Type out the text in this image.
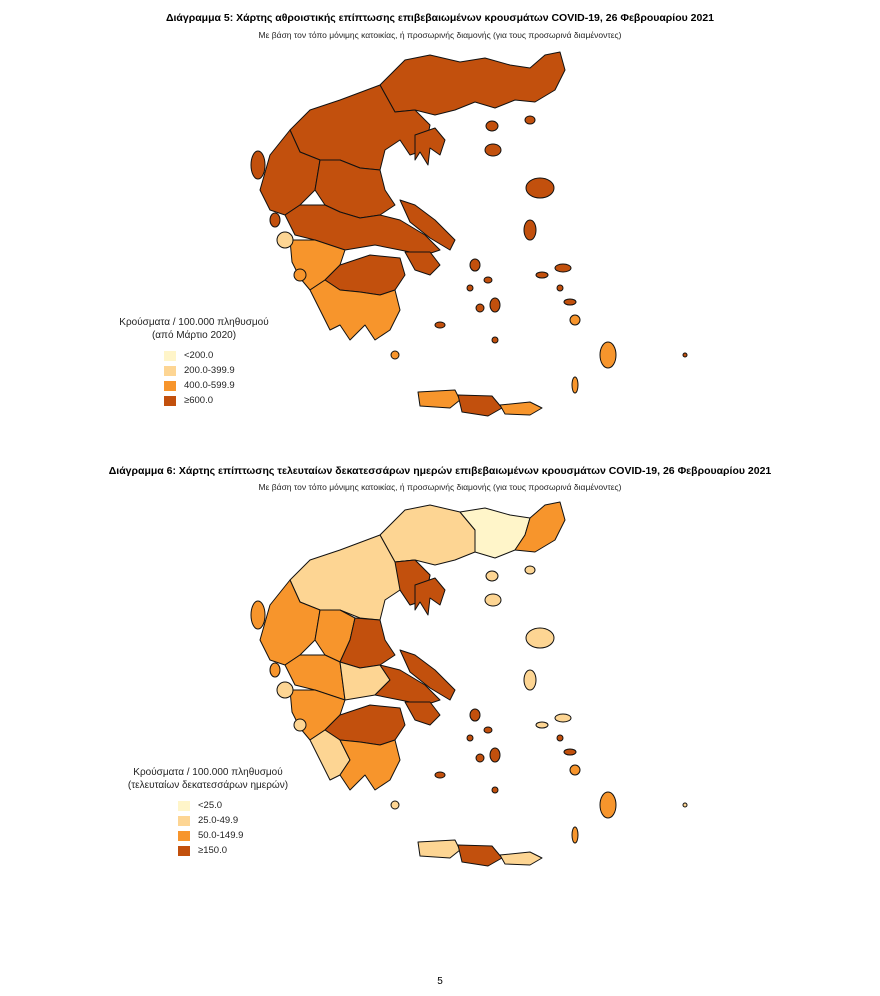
Διάγραμμα 5: Χάρτης αθροιστικής επίπτωσης επιβεβαιωμένων κρουσμάτων COVID-19, 26 Φεβρουαρίου 2021
Με βάση τον τόπο μόνιμης κατοικίας, ή προσωρινής διαμονής (για τους προσωρινά διαμένοντες)
Κρούσματα / 100.000 πληθυσμού
(από Μάρτιο 2020)
<200.0
200.0-399.9
400.0-599.9
≥600.0
Διάγραμμα 6: Χάρτης επίπτωσης τελευταίων δεκατεσσάρων ημερών επιβεβαιωμένων κρουσμάτων COVID-19, 26 Φεβρουαρίου 2021
Με βάση τον τόπο μόνιμης κατοικίας, ή προσωρινής διαμονής (για τους προσωρινά διαμένοντες)
Κρούσματα / 100.000 πληθυσμού
(τελευταίων δεκατεσσάρων ημερών)
<25.0
25.0-49.9
50.0-149.9
≥150.0
5
